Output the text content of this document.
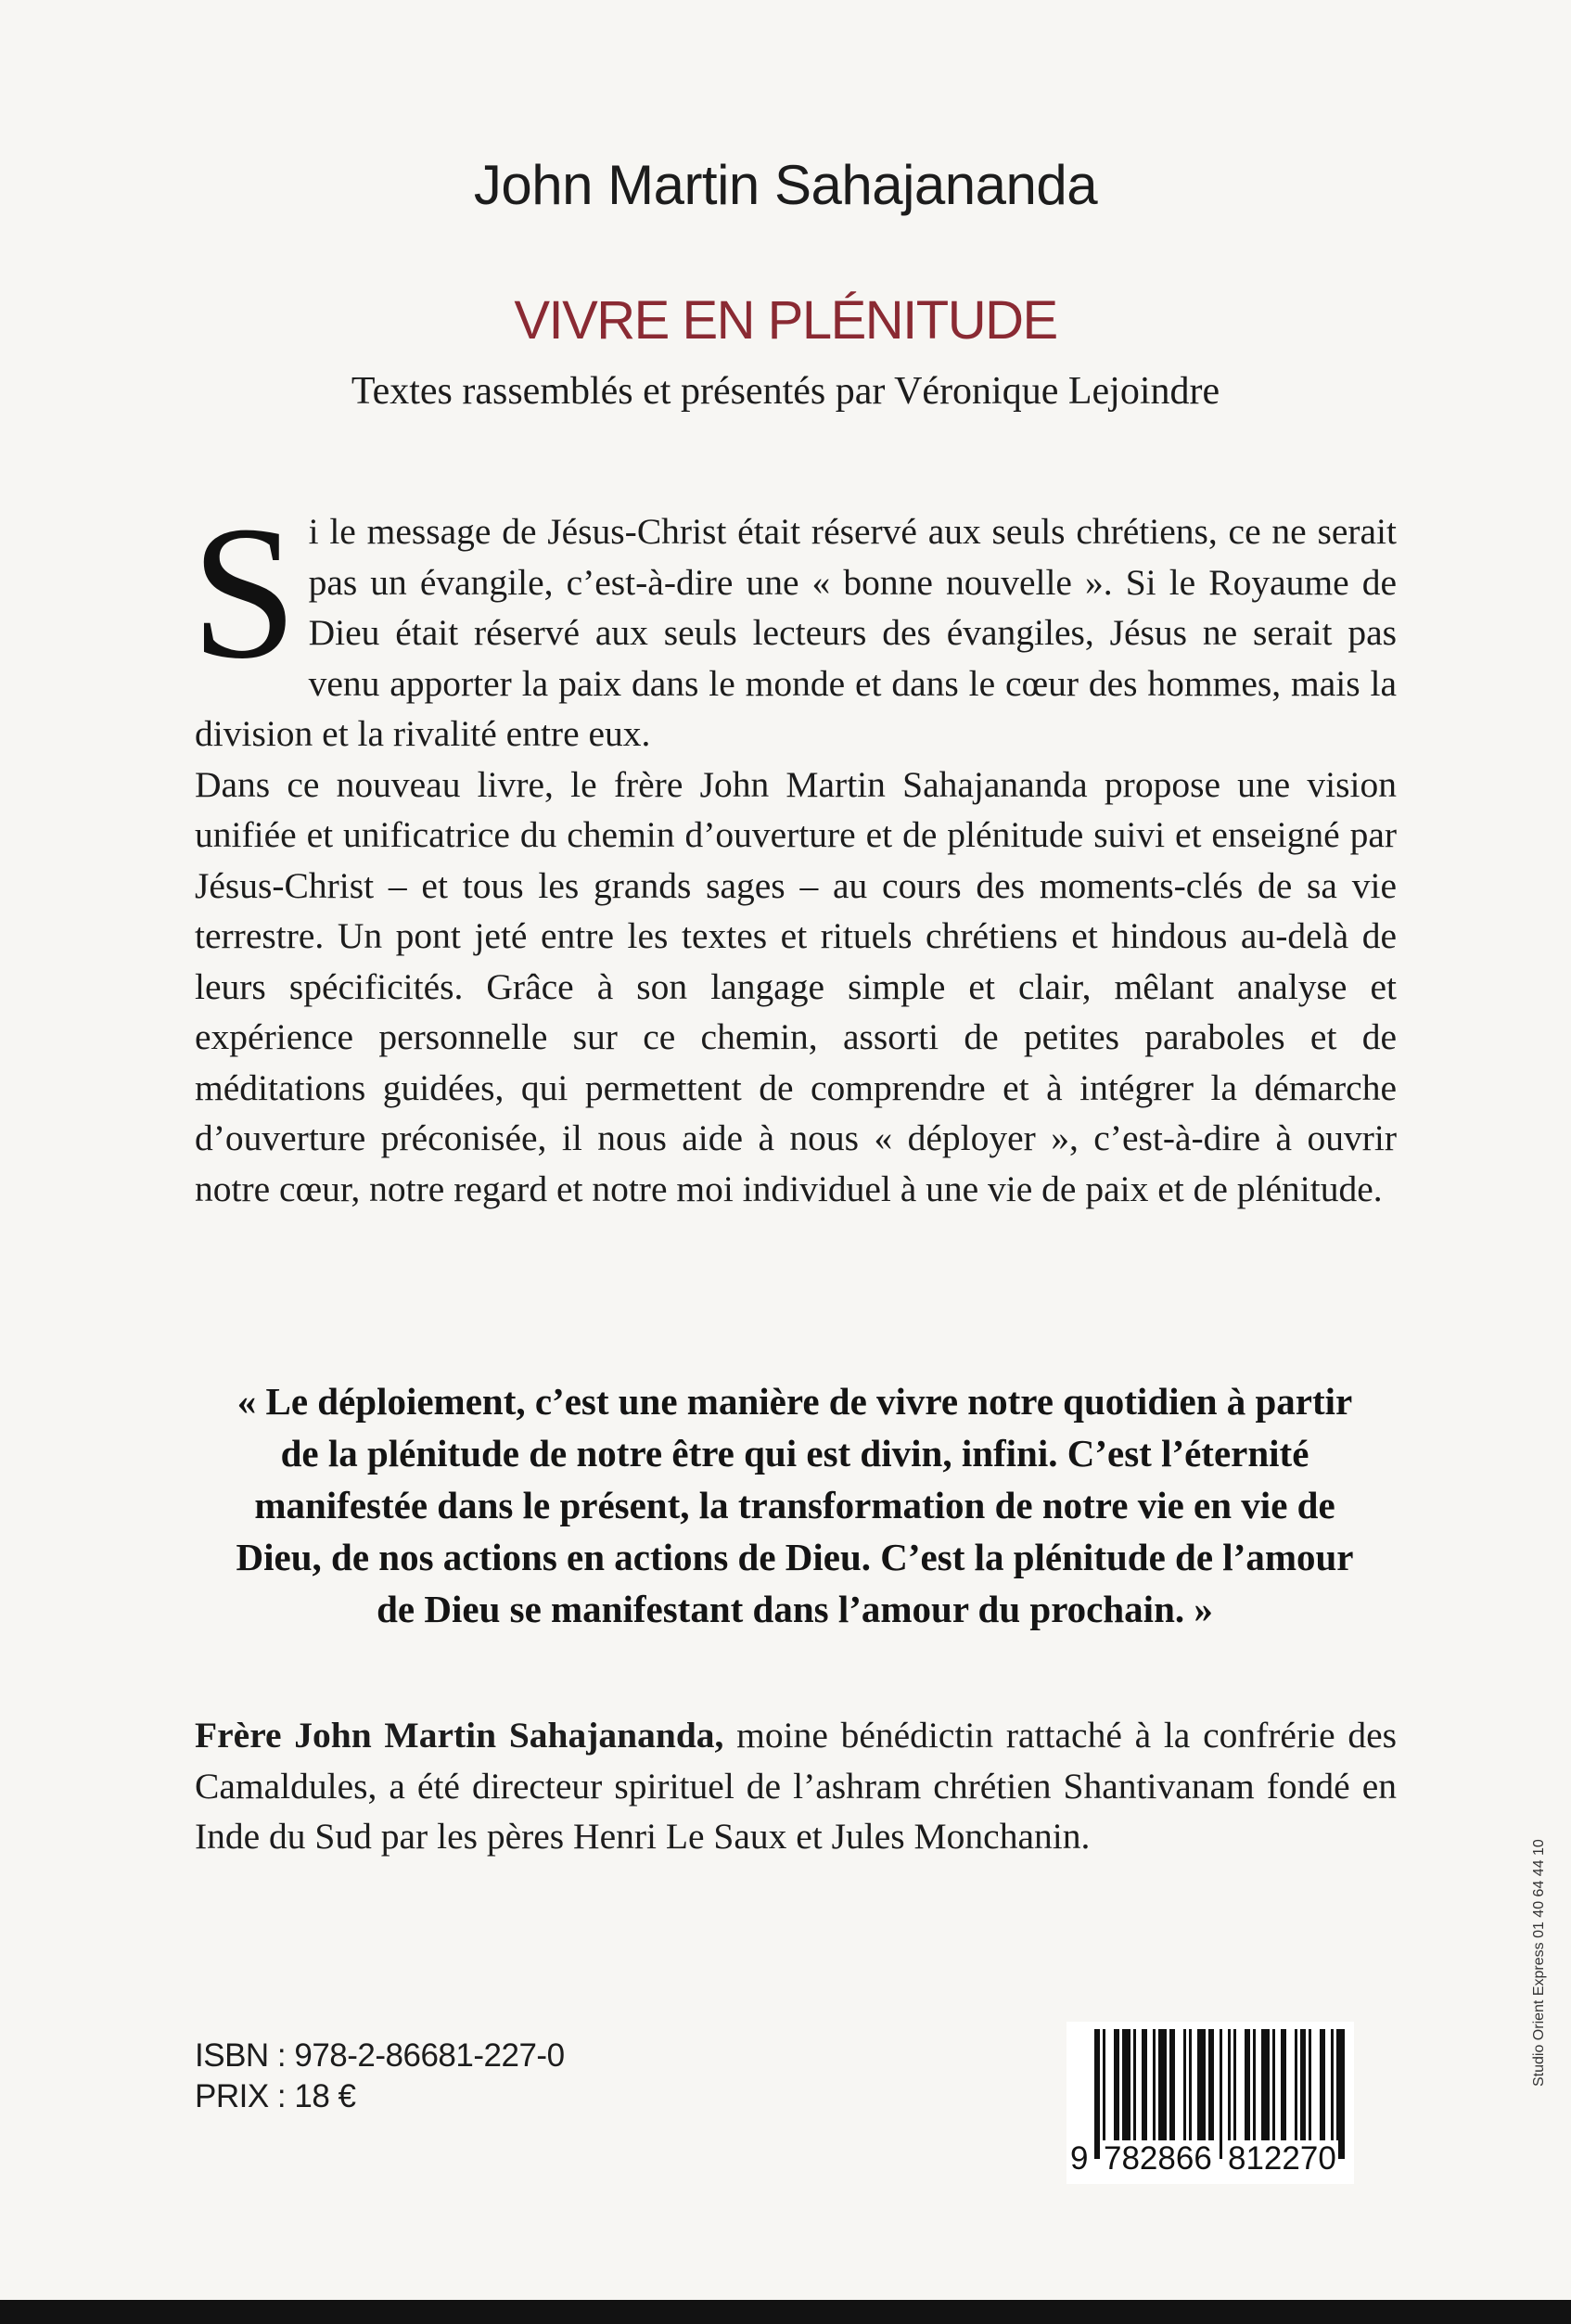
John Martin Sahajananda
VIVRE EN PLÉNITUDE
Textes rassemblés et présentés par Véronique Lejoindre

Si le message de Jésus-Christ était réservé aux seuls chrétiens, ce ne serait pas un évangile, c’est-à-dire une « bonne nouvelle ». Si le Royaume de Dieu était réservé aux seuls lecteurs des évangiles, Jésus ne serait pas venu apporter la paix dans le monde et dans le cœur des hommes, mais la division et la rivalité entre eux.

Dans ce nouveau livre, le frère John Martin Sahajananda propose une vision unifiée et unificatrice du chemin d’ouverture et de plénitude suivi et enseigné par Jésus-Christ – et tous les grands sages – au cours des moments-clés de sa vie terrestre. Un pont jeté entre les textes et rituels chrétiens et hindous au-delà de leurs spécificités. Grâce à son langage simple et clair, mêlant analyse et expérience personnelle sur ce chemin, assorti de petites paraboles et de méditations guidées, qui permettent de comprendre et à intégrer la démarche d’ouverture préconisée, il nous aide à nous « déployer », c’est-à-dire à ouvrir notre cœur, notre regard et notre moi individuel à une vie de paix et de plénitude.

« Le déploiement, c’est une manière de vivre notre quotidien à partir
de la plénitude de notre être qui est divin, infini. C’est l’éternité
manifestée dans le présent, la transformation de notre vie en vie de
Dieu, de nos actions en actions de Dieu. C’est la plénitude de l’amour
de Dieu se manifestant dans l’amour du prochain. »
Frère John Martin Sahajananda, moine bénédictin rattaché à la confrérie des Camaldules, a été directeur spirituel de l’ashram chrétien Shantivanam fondé en Inde du Sud par les pères Henri Le Saux et Jules Monchanin.
ISBN : 978-2-86681-227-0
PRIX : 18 €
9 782866 812270
Studio Orient Express 01 40 64 44 10
